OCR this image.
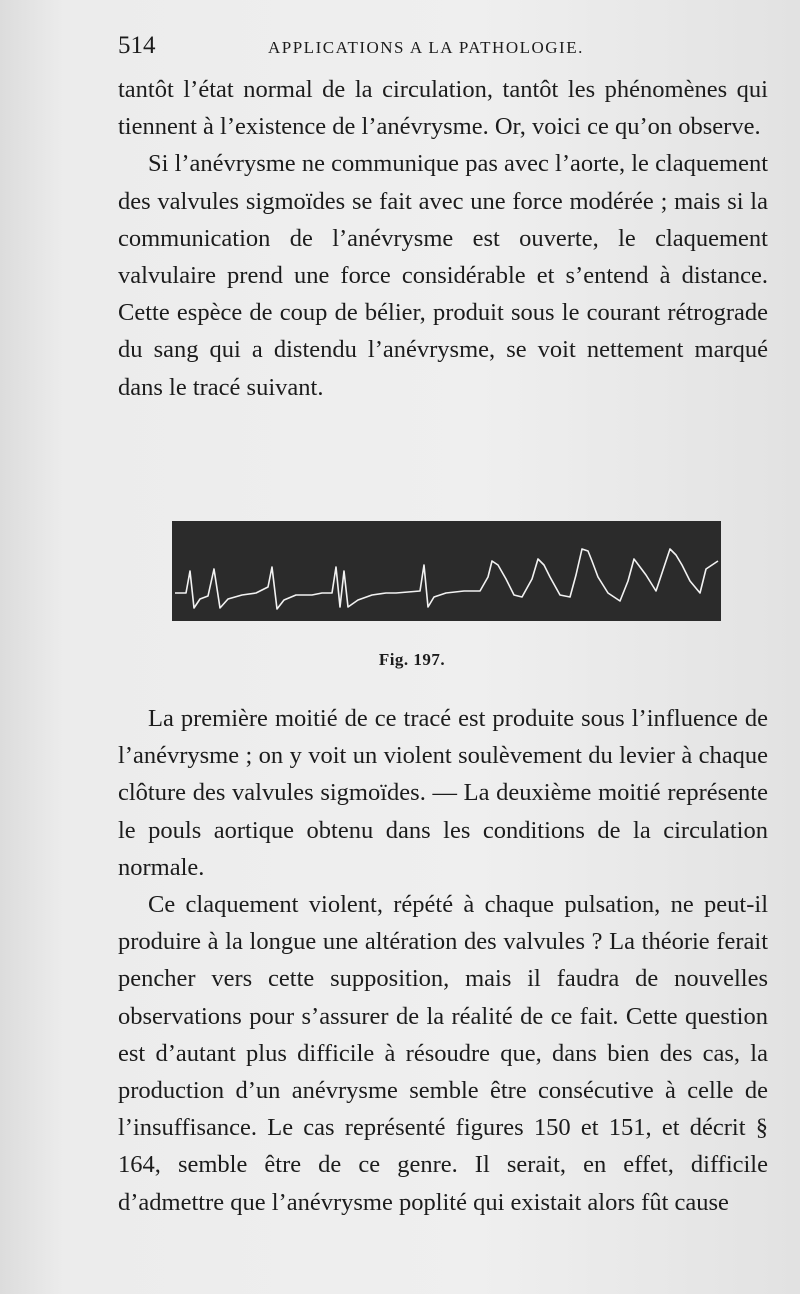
514	APPLICATIONS A LA PATHOLOGIE.

tantôt l’état normal de la circulation, tantôt les phénomènes qui tiennent à l’existence de l’anévrysme. Or, voici ce qu’on observe.

Si l’anévrysme ne communique pas avec l’aorte, le claquement des valvules sigmoïdes se fait avec une force modérée ; mais si la communication de l’anévrysme est ouverte, le claquement valvulaire prend une force considérable et s’entend à distance. Cette espèce de coup de bélier, produit sous le courant rétrograde du sang qui a distendu l’anévrysme, se voit nettement marqué dans le tracé suivant.

Fig. 197.

La première moitié de ce tracé est produite sous l’influence de l’anévrysme ; on y voit un violent soulèvement du levier à chaque clôture des valvules sigmoïdes. — La deuxième moitié représente le pouls aortique obtenu dans les conditions de la circulation normale.

Ce claquement violent, répété à chaque pulsation, ne peut-il produire à la longue une altération des valvules ? La théorie ferait pencher vers cette supposition, mais il faudra de nouvelles observations pour s’assurer de la réalité de ce fait. Cette question est d’autant plus difficile à résoudre que, dans bien des cas, la production d’un anévrysme semble être consécutive à celle de l’insuffisance. Le cas représenté figures 150 et 151, et décrit § 164, semble être de ce genre. Il serait, en effet, difficile d’admettre que l’anévrysme poplité qui existait alors fût cause
